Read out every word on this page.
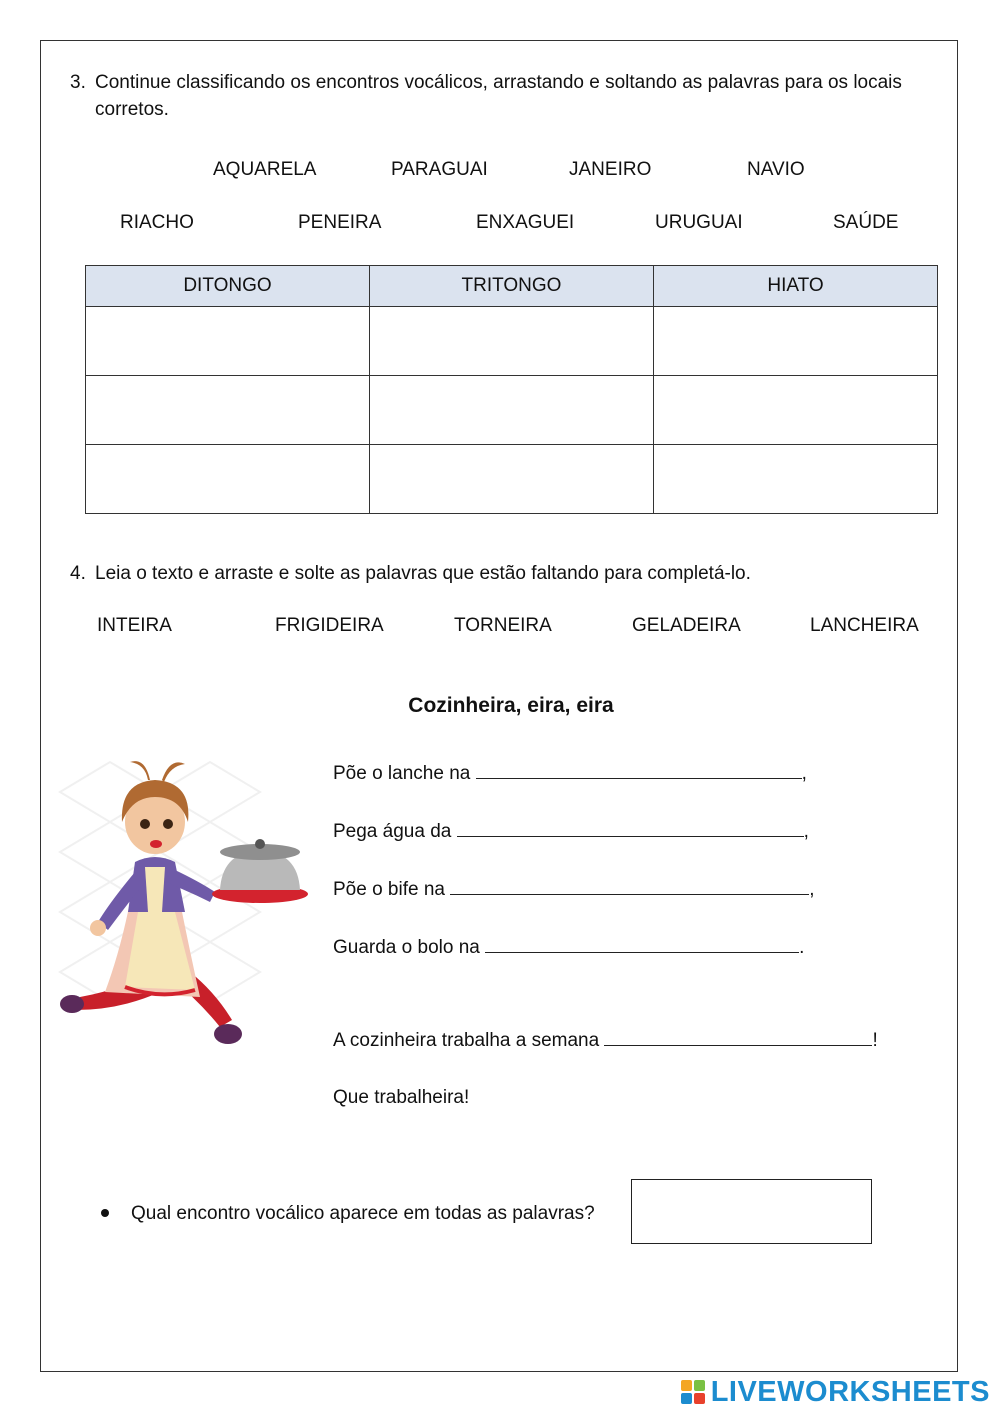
3. Continue classificando os encontros vocálicos, arrastando e soltando as palavras para os locais
corretos.
AQUARELA	PARAGUAI	JANEIRO	NAVIO
RIACHO	PENEIRA	ENXAGUEI	URUGUAI	SAÚDE
DITONGO	TRITONGO	HIATO

4. Leia o texto e arraste e solte as palavras que estão faltando para completá-lo.
INTEIRA	FRIGIDEIRA	TORNEIRA	GELADEIRA	LANCHEIRA
Cozinheira, eira, eira
Põe o lanche na	,
Pega água da	,
Põe o bife na	,
Guarda o bolo na	.
A cozinheira trabalha a semana	!
Que trabalheira!
Qual encontro vocálico aparece em todas as palavras?
LIVEWORKSHEETS
